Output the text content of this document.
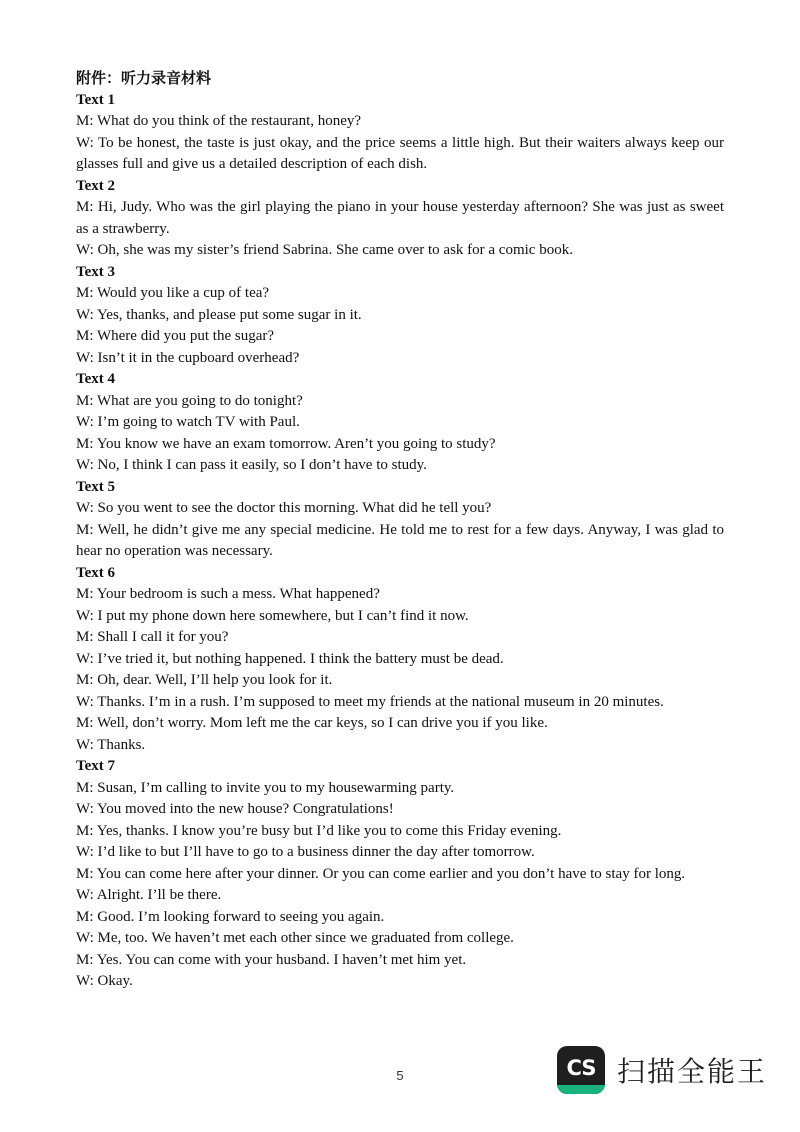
附件：听力录音材料
Text 1
M: What do you think of the restaurant, honey?
W: To be honest, the taste is just okay, and the price seems a little high. But their waiters always keep our glasses full and give us a detailed description of each dish.
Text 2
M: Hi, Judy. Who was the girl playing the piano in your house yesterday afternoon? She was just as sweet as a strawberry.
W: Oh, she was my sister’s friend Sabrina. She came over to ask for a comic book.
Text 3
M: Would you like a cup of tea?
W: Yes, thanks, and please put some sugar in it.
M: Where did you put the sugar?
W: Isn’t it in the cupboard overhead?
Text 4
M: What are you going to do tonight?
W: I’m going to watch TV with Paul.
M: You know we have an exam tomorrow. Aren’t you going to study?
W: No, I think I can pass it easily, so I don’t have to study.
Text 5
W: So you went to see the doctor this morning. What did he tell you?
M: Well, he didn’t give me any special medicine. He told me to rest for a few days. Anyway, I was glad to hear no operation was necessary.
Text 6
M: Your bedroom is such a mess. What happened?
W: I put my phone down here somewhere, but I can’t find it now.
M: Shall I call it for you?
W: I’ve tried it, but nothing happened. I think the battery must be dead.
M: Oh, dear. Well, I’ll help you look for it.
W: Thanks. I’m in a rush. I’m supposed to meet my friends at the national museum in 20 minutes.
M: Well, don’t worry. Mom left me the car keys, so I can drive you if you like.
W: Thanks.
Text 7
M: Susan, I’m calling to invite you to my housewarming party.
W: You moved into the new house? Congratulations!
M: Yes, thanks. I know you’re busy but I’d like you to come this Friday evening.
W: I’d like to but I’ll have to go to a business dinner the day after tomorrow.
M: You can come here after your dinner. Or you can come earlier and you don’t have to stay for long.
W: Alright. I’ll be there.
M: Good. I’m looking forward to seeing you again.
W: Me, too. We haven’t met each other since we graduated from college.
M: Yes. You can come with your husband. I haven’t met him yet.
W: Okay.
5	CS 扫描全能王
